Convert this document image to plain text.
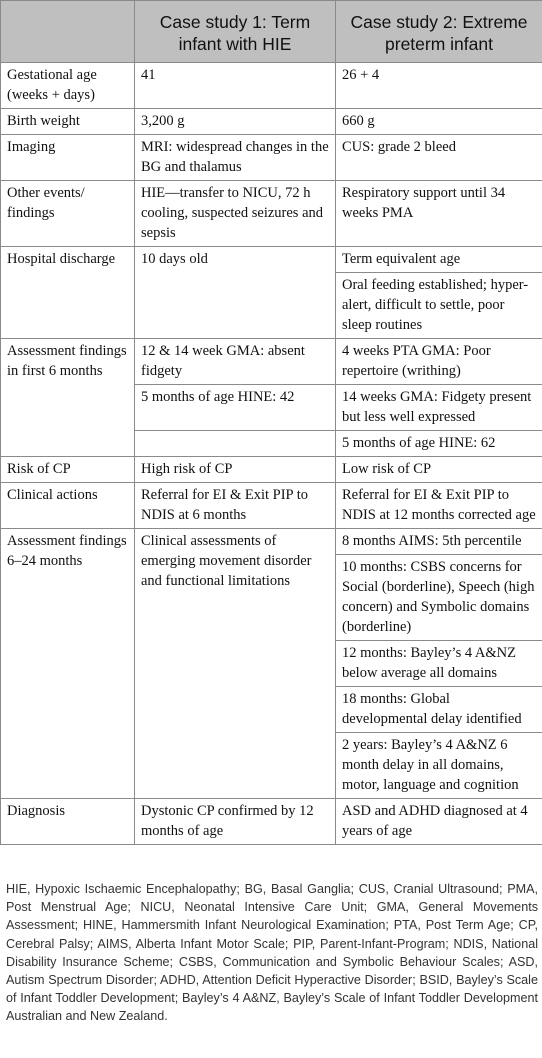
	Case study 1: Term infant with HIE	Case study 2: Extreme preterm infant
Gestational age (weeks + days)	41	26 + 4
Birth weight	3,200 g	660 g
Imaging	MRI: widespread changes in the BG and thalamus	CUS: grade 2 bleed
Other events/ findings	HIE—transfer to NICU, 72 h cooling, suspected seizures and sepsis	Respiratory support until 34 weeks PMA
Hospital discharge	10 days old	Term equivalent age
		Oral feeding established; hyper-alert, difficult to settle, poor sleep routines
Assessment findings in first 6 months	12 & 14 week GMA: absent fidgety	4 weeks PTA GMA: Poor repertoire (writhing)
	5 months of age HINE: 42	14 weeks GMA: Fidgety present but less well expressed
		5 months of age HINE: 62
Risk of CP	High risk of CP	Low risk of CP
Clinical actions	Referral for EI & Exit PIP to NDIS at 6 months	Referral for EI & Exit PIP to NDIS at 12 months corrected age
Assessment findings 6–24 months	Clinical assessments of emerging movement disorder and functional limitations	8 months AIMS: 5th percentile
		10 months: CSBS concerns for Social (borderline), Speech (high concern) and Symbolic domains (borderline)
		12 months: Bayley’s 4 A&NZ below average all domains
		18 months: Global developmental delay identified
		2 years: Bayley’s 4 A&NZ 6 month delay in all domains, motor, language and cognition
Diagnosis	Dystonic CP confirmed by 12 months of age	ASD and ADHD diagnosed at 4 years of age
HIE, Hypoxic Ischaemic Encephalopathy; BG, Basal Ganglia; CUS, Cranial Ultrasound; PMA, Post Menstrual Age; NICU, Neonatal Intensive Care Unit; GMA, General Movements Assessment; HINE, Hammersmith Infant Neurological Examination; PTA, Post Term Age; CP, Cerebral Palsy; AIMS, Alberta Infant Motor Scale; PIP, Parent-Infant-Program; NDIS, National Disability Insurance Scheme; CSBS, Communication and Symbolic Behaviour Scales; ASD, Autism Spectrum Disorder; ADHD, Attention Deficit Hyperactive Disorder; BSID, Bayley’s Scale of Infant Toddler Development; Bayley’s 4 A&NZ, Bayley’s Scale of Infant Toddler Development Australian and New Zealand.
